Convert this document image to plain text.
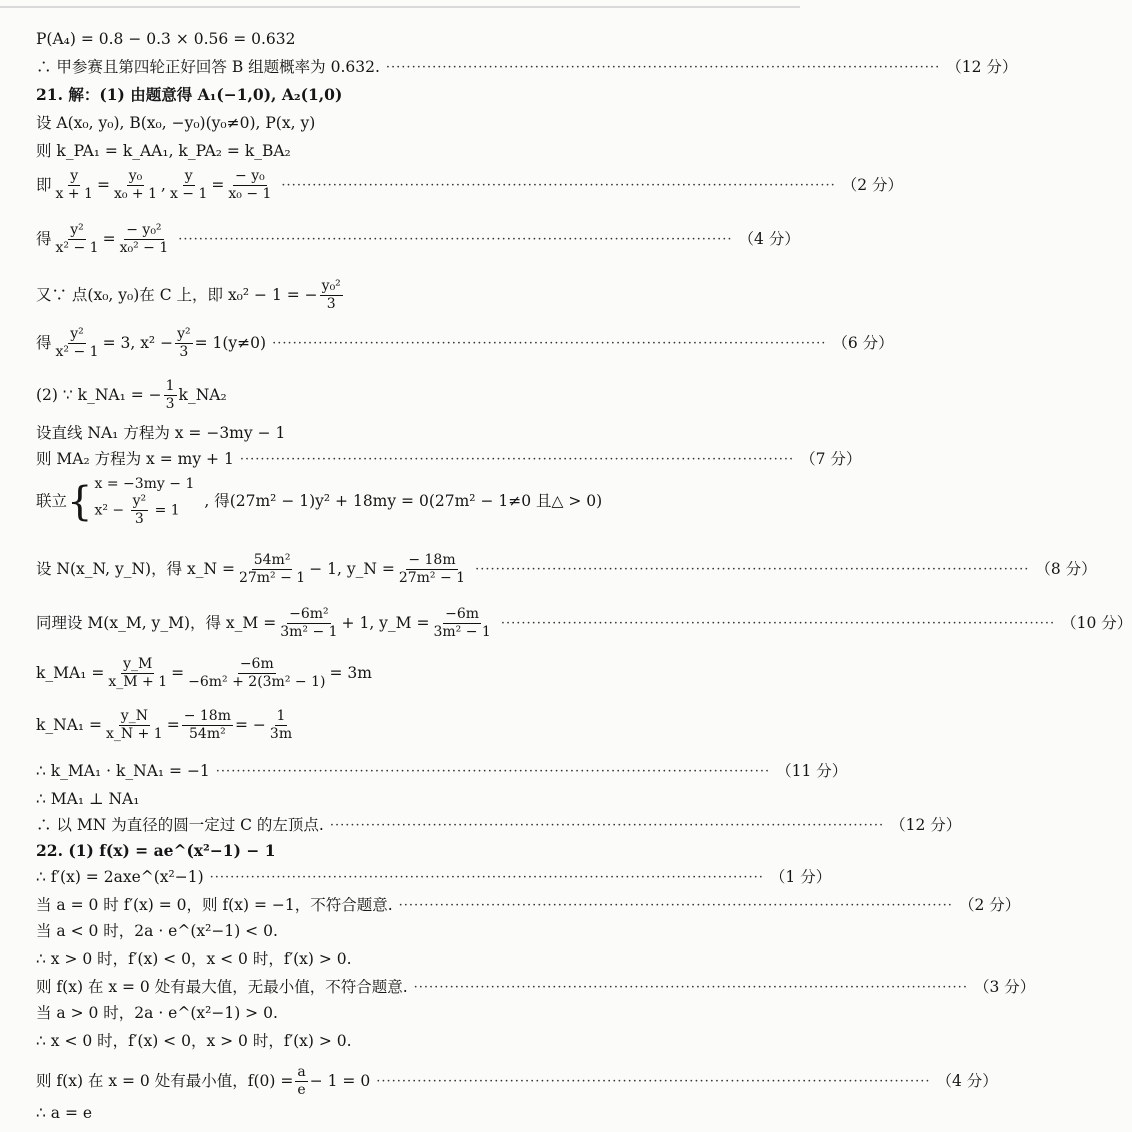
P(A₄) = 0.8 − 0.3 × 0.56 = 0.632
∴ 甲参赛且第四轮正好回答 B 组题概率为 0.632. ············································································································ （12 分）
21. 解：(1) 由题意得 A₁(−1,0), A₂(1,0)
设 A(x₀, y₀), B(x₀, −y₀)(y₀≠0), P(x, y)
则 k_PA₁ = k_AA₁, k_PA₂ = k_BA₂
即 $\frac{y}{x + 1} = \frac{\text{y₀}}{\text{x₀ + 1}}$ , $\frac{y}{x - 1} = \frac{\text{− y₀}}{\text{x₀ − 1}}$ ············································································································ （2 分）
得 $\frac{\text{y²}}{\text{x² − 1}} = \frac{\text{− y₀²}}{\text{x₀² − 1}}$ ············································································································ （4 分）
又∵ 点(x₀, y₀)在 C 上，即 x₀² − 1 = − $\frac{\text{y₀²}}{3}$
得 $\frac{\text{y²}}{\text{x² − 1}} = 3$, $x^2 - \frac{\text{y²}}{3} = 1(y\ne 0)$ ············································································································ （6 分）
(2) ∵ k_NA₁ = − $\frac{1}{3}$ k_NA₂
设直线 NA₁ 方程为 x = −3my − 1
则 MA₂ 方程为 x = my + 1 ············································································································ （7 分）
联立 { x = −3my − 1
$x^2 - \frac{\text{y²}}{3} = 1$	, 得(27m² − 1)y² + 18my = 0(27m² − 1≠0 且△ > 0)
设 N(x_N, y_N)，得 x_N = $\frac{\text{54m²}}{\text{27m² − 1}} - 1$, y_N = $\frac{- 18m}{\text{27m² − 1}}$ ············································································································ （8 分）
同理设 M(x_M, y_M)，得 x_M = $\frac{\text{−6m²}}{\text{3m² − 1}} + 1$, y_M = $\frac{-6m}{\text{3m² − 1}}$ ············································································································ （10 分）
k_MA₁ = $\frac{y\_M}{x\_M + 1} = \frac{-6m}{\text{−6m² + 2(3m² − 1)}} = 3m$
k_NA₁ = $\frac{y\_N}{x\_N + 1} = \frac{- 18m}{\text{54m²}}$ = − $\frac{1}{3m}$
∴ k_MA₁ · k_NA₁ = −1 ············································································································ （11 分）
∴ MA₁ ⊥ NA₁
∴ 以 MN 为直径的圆一定过 C 的左顶点. ············································································································ （12 分）
22. (1) f(x) = ae^(x²−1) − 1
∴ f′(x) = 2axe^(x²−1) ············································································································ （1 分）
当 a = 0 时 f′(x) = 0，则 f(x) = −1，不符合题意. ············································································································ （2 分）
当 a < 0 时，2a · e^(x²−1) < 0.
∴ x > 0 时，f′(x) < 0，x < 0 时，f′(x) > 0.
则 f(x) 在 x = 0 处有最大值，无最小值，不符合题意. ············································································································ （3 分）
当 a > 0 时，2a · e^(x²−1) > 0.
∴ x < 0 时，f′(x) < 0，x > 0 时，f′(x) > 0.
则 f(x) 在 x = 0 处有最小值，$f(0) = \frac{a}{e} - 1 = 0$ ············································································································ （4 分）
∴ a = e
